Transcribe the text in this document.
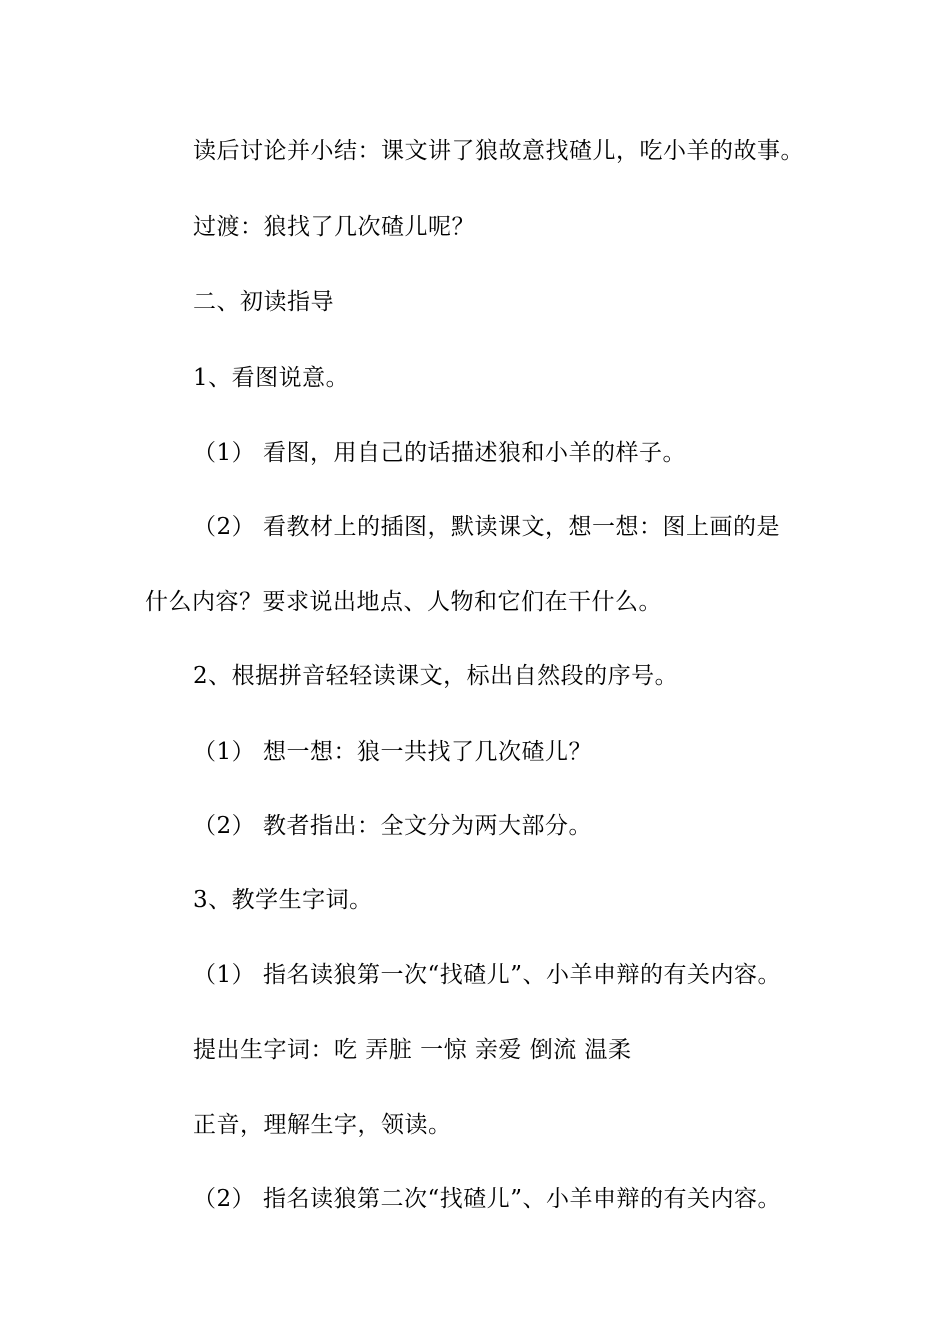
读后讨论并小结：课文讲了狼故意找碴儿，吃小羊的故事。
过渡：狼找了几次碴儿呢？
二、初读指导
1、看图说意。
（1） 看图，用自己的话描述狼和小羊的样子。
（2） 看教材上的插图，默读课文，想一想：图上画的是
什么内容？要求说出地点、人物和它们在干什么。
2、根据拼音轻轻读课文，标出自然段的序号。
（1） 想一想：狼一共找了几次碴儿？
（2） 教者指出：全文分为两大部分。
3、教学生字词。
（1） 指名读狼第一次“找碴儿”、小羊申辩的有关内容。
提出生字词：吃 弄脏 一惊 亲爱 倒流 温柔
正音，理解生字，领读。
（2） 指名读狼第二次“找碴儿”、小羊申辩的有关内容。
